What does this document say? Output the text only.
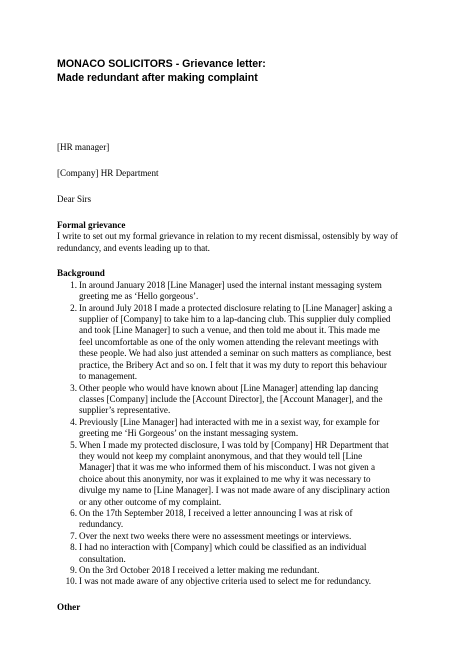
MONACO SOLICITORS - Grievance letter:
Made redundant after making complaint
[HR manager]
[Company] HR Department
Dear Sirs
Formal grievance
I write to set out my formal grievance in relation to my recent dismissal, ostensibly by way of
redundancy, and events leading up to that.
Background
1. In around January 2018 [Line Manager] used the internal instant messaging system
greeting me as ‘Hello gorgeous’.
2. In around July 2018 I made a protected disclosure relating to [Line Manager] asking a
supplier of [Company] to take him to a lap-dancing club. This supplier duly complied
and took [Line Manager] to such a venue, and then told me about it. This made me
feel uncomfortable as one of the only women attending the relevant meetings with
these people. We had also just attended a seminar on such matters as compliance, best
practice, the Bribery Act and so on. I felt that it was my duty to report this behaviour
to management.
3. Other people who would have known about [Line Manager] attending lap dancing
classes [Company] include the [Account Director], the [Account Manager], and the
supplier’s representative.
4. Previously [Line Manager] had interacted with me in a sexist way, for example for
greeting me ‘Hi Gorgeous’ on the instant messaging system.
5. When I made my protected disclosure, I was told by [Company] HR Department that
they would not keep my complaint anonymous, and that they would tell [Line
Manager] that it was me who informed them of his misconduct. I was not given a
choice about this anonymity, nor was it explained to me why it was necessary to
divulge my name to [Line Manager]. I was not made aware of any disciplinary action
or any other outcome of my complaint.
6. On the 17th September 2018, I received a letter announcing I was at risk of
redundancy.
7. Over the next two weeks there were no assessment meetings or interviews.
8. I had no interaction with [Company] which could be classified as an individual
consultation.
9. On the 3rd October 2018 I received a letter making me redundant.
10. I was not made aware of any objective criteria used to select me for redundancy.
Other
